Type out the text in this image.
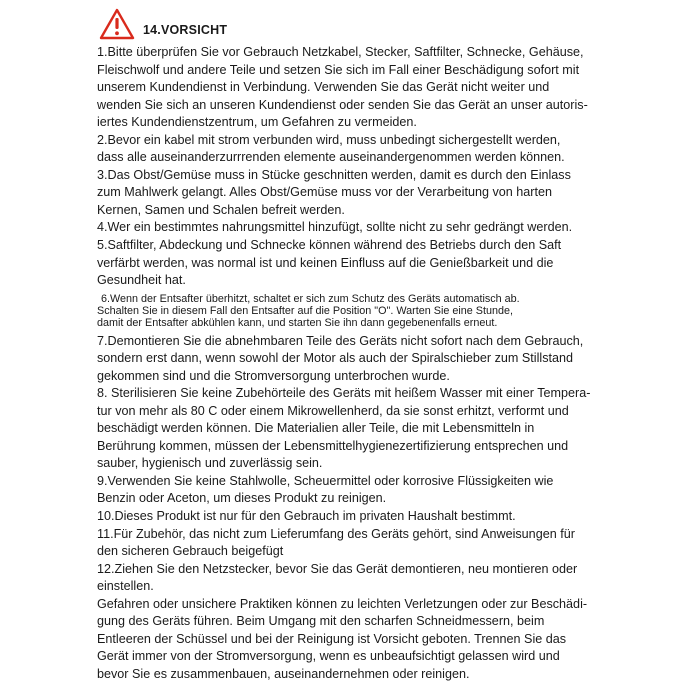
14.VORSICHT
1.Bitte überprüfen Sie vor Gebrauch Netzkabel, Stecker, Saftfilter, Schnecke, Gehäuse,
Fleischwolf und andere Teile und setzen Sie sich im Fall einer Beschädigung sofort mit
unserem Kundendienst in Verbindung. Verwenden Sie das Gerät nicht weiter und
wenden Sie sich an unseren Kundendienst oder senden Sie das Gerät an unser autoris-
iertes Kundendienstzentrum, um Gefahren zu vermeiden.
2.Bevor ein kabel mit strom verbunden wird, muss unbedingt sichergestellt werden,
dass alle auseinanderzurrrenden elemente auseinandergenommen werden können.
3.Das Obst/Gemüse muss in Stücke geschnitten werden, damit es durch den Einlass
zum Mahlwerk gelangt. Alles Obst/Gemüse muss vor der Verarbeitung von harten
Kernen, Samen und Schalen befreit werden.
4.Wer ein bestimmtes nahrungsmittel hinzufügt, sollte nicht zu sehr gedrängt werden.
5.Saftfilter, Abdeckung und Schnecke können während des Betriebs durch den Saft
verfärbt werden, was normal ist und keinen Einfluss auf die Genießbarkeit und die
Gesundheit hat.
6.Wenn der Entsafter überhitzt, schaltet er sich zum Schutz des Geräts automatisch ab.
Schalten Sie in diesem Fall den Entsafter auf die Position "O". Warten Sie eine Stunde,
damit der Entsafter abkühlen kann, und starten Sie ihn dann gegebenenfalls erneut.
7.Demontieren Sie die abnehmbaren Teile des Geräts nicht sofort nach dem Gebrauch,
sondern erst dann, wenn sowohl der Motor als auch der Spiralschieber zum Stillstand
gekommen sind und die Stromversorgung unterbrochen wurde.
8. Sterilisieren Sie keine Zubehörteile des Geräts mit heißem Wasser mit einer Tempera-
tur von mehr als 80 C oder einem Mikrowellenherd, da sie sonst erhitzt, verformt und
beschädigt werden können. Die Materialien aller Teile, die mit Lebensmitteln in
Berührung kommen, müssen der Lebensmittelhygienezertifizierung entsprechen und
sauber, hygienisch und zuverlässig sein.
9.Verwenden Sie keine Stahlwolle, Scheuermittel oder korrosive Flüssigkeiten wie
Benzin oder Aceton, um dieses Produkt zu reinigen.
10.Dieses Produkt ist nur für den Gebrauch im privaten Haushalt bestimmt.
11.Für Zubehör, das nicht zum Lieferumfang des Geräts gehört, sind Anweisungen für
den sicheren Gebrauch beigefügt
12.Ziehen Sie den Netzstecker, bevor Sie das Gerät demontieren, neu montieren oder
einstellen.
Gefahren oder unsichere Praktiken können zu leichten Verletzungen oder zur Beschädi-
gung des Geräts führen. Beim Umgang mit den scharfen Schneidmessern, beim
Entleeren der Schüssel und bei der Reinigung ist Vorsicht geboten. Trennen Sie das
Gerät immer von der Stromversorgung, wenn es unbeaufsichtigt gelassen wird und
bevor Sie es zusammenbauen, auseinandernehmen oder reinigen.
